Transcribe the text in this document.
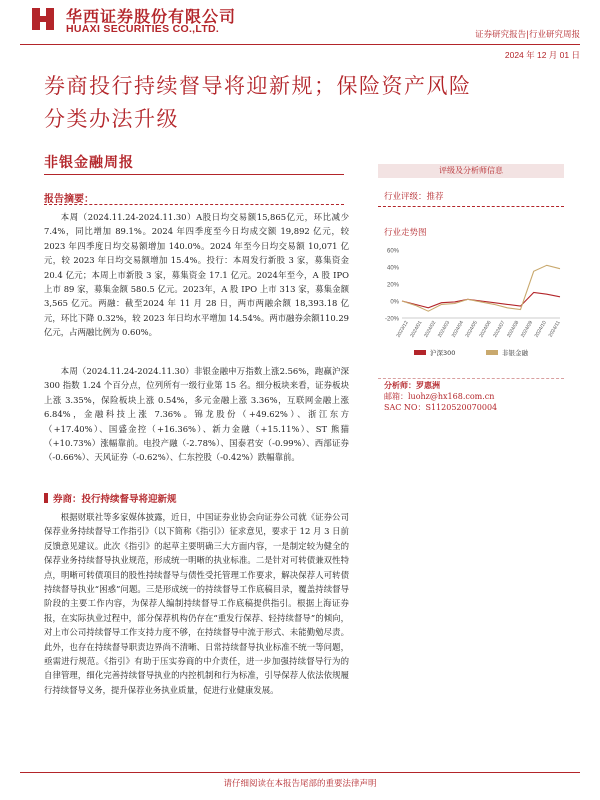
华西证券股份有限公司
HUAXI SECURITIES CO.,LTD.	证券研究报告|行业研究周报
2024 年 12 月 01 日
券商投行持续督导将迎新规；保险资产风险
分类办法升级
非银金融周报
报告摘要：
本周（2024.11.24-2024.11.30）A股日均交易额15,865亿元，环比减少 7.4%，同比增加 89.1%。2024 年四季度至今日均成交额 19,892 亿元，较 2023 年四季度日均交易额增加 140.0%。2024 年至今日均交易额 10,071 亿元，较 2023 年日均交易额增加 15.4%。投行：本周发行新股 3 家，募集资金20.4 亿元；本周上市新股 3 家，募集资金 17.1 亿元。2024年至今，A 股 IPO 上市 89 家，募集金额 580.5 亿元。2023年，A 股 IPO 上市 313 家，募集金额 3,565 亿元。两融：截至2024 年 11 月 28 日，两市两融余额 18,393.18 亿元，环比下降 0.32%，较 2023 年日均水平增加 14.54%。两市融券余额110.29 亿元，占两融比例为 0.60%。
本周（2024.11.24-2024.11.30）非银金融申万指数上涨2.56%，跑赢沪深 300 指数 1.24 个百分点，位列所有一级行业第 15 名。细分板块来看，证券板块上涨 3.35%，保险板块上涨 0.54%，多元金融上涨 3.36%，互联网金融上涨 6.84%，金融科技上涨 7.36%。锦龙股份（+49.62%）、浙江东方（+17.40%）、国盛金控（+16.36%）、新力金融（+15.11%）、ST 熊猫（+10.73%）涨幅靠前。电投产融（-2.78%）、国泰君安（-0.99%）、西部证券（-0.66%）、天风证券（-0.62%）、仁东控股（-0.42%）跌幅靠前。
券商：投行持续督导将迎新规
根据财联社等多家媒体披露，近日，中国证券业协会向证券公司就《证券公司保荐业务持续督导工作指引》（以下简称《指引》）征求意见，要求于 12 月 3 日前反馈意见建议。此次《指引》的起草主要明确三大方面内容，一是制定较为健全的保荐业务持续督导执业规范，形成统一明晰的执业标准。二是针对可转债兼双性特点，明晰可转债项目的股性持续督导与债性受托管理工作要求，解决保荐人可转债持续督导执业“困惑”问题。三是形成统一的持续督导工作底稿目录，覆盖持续督导阶段的主要工作内容，为保荐人编制持续督导工作底稿提供指引。根据上海证券报，在实际执业过程中，部分保荐机构仍存在“重发行保荐、轻持续督导”的倾向，对上市公司持续督导工作支持力度不够，在持续督导中流于形式、未能勤勉尽责。此外，也存在持续督导职责边界尚不清晰、日常持续督导执业标准不统一等问题，亟需进行规范。《指引》有助于压实券商的中介责任，进一步加强持续督导行为的自律管理，细化完善持续督导执业的内控机制和行为标准，引导保荐人依法依规履行持续督导义务，提升保荐业务执业质量，促进行业健康发展。
评级及分析师信息
行业评级：推荐
行业走势图
60%
40%
20%
0%
-20%
2023/12 2024/01 2024/02 2024/03 2024/04 2024/05 2024/06 2024/07 2024/08 2024/09 2024/10 2024/11
沪深300	非银金融
分析师：罗惠洲
邮箱：luohz@hx168.com.cn
SAC NO：S1120520070004
请仔细阅读在本报告尾部的重要法律声明
